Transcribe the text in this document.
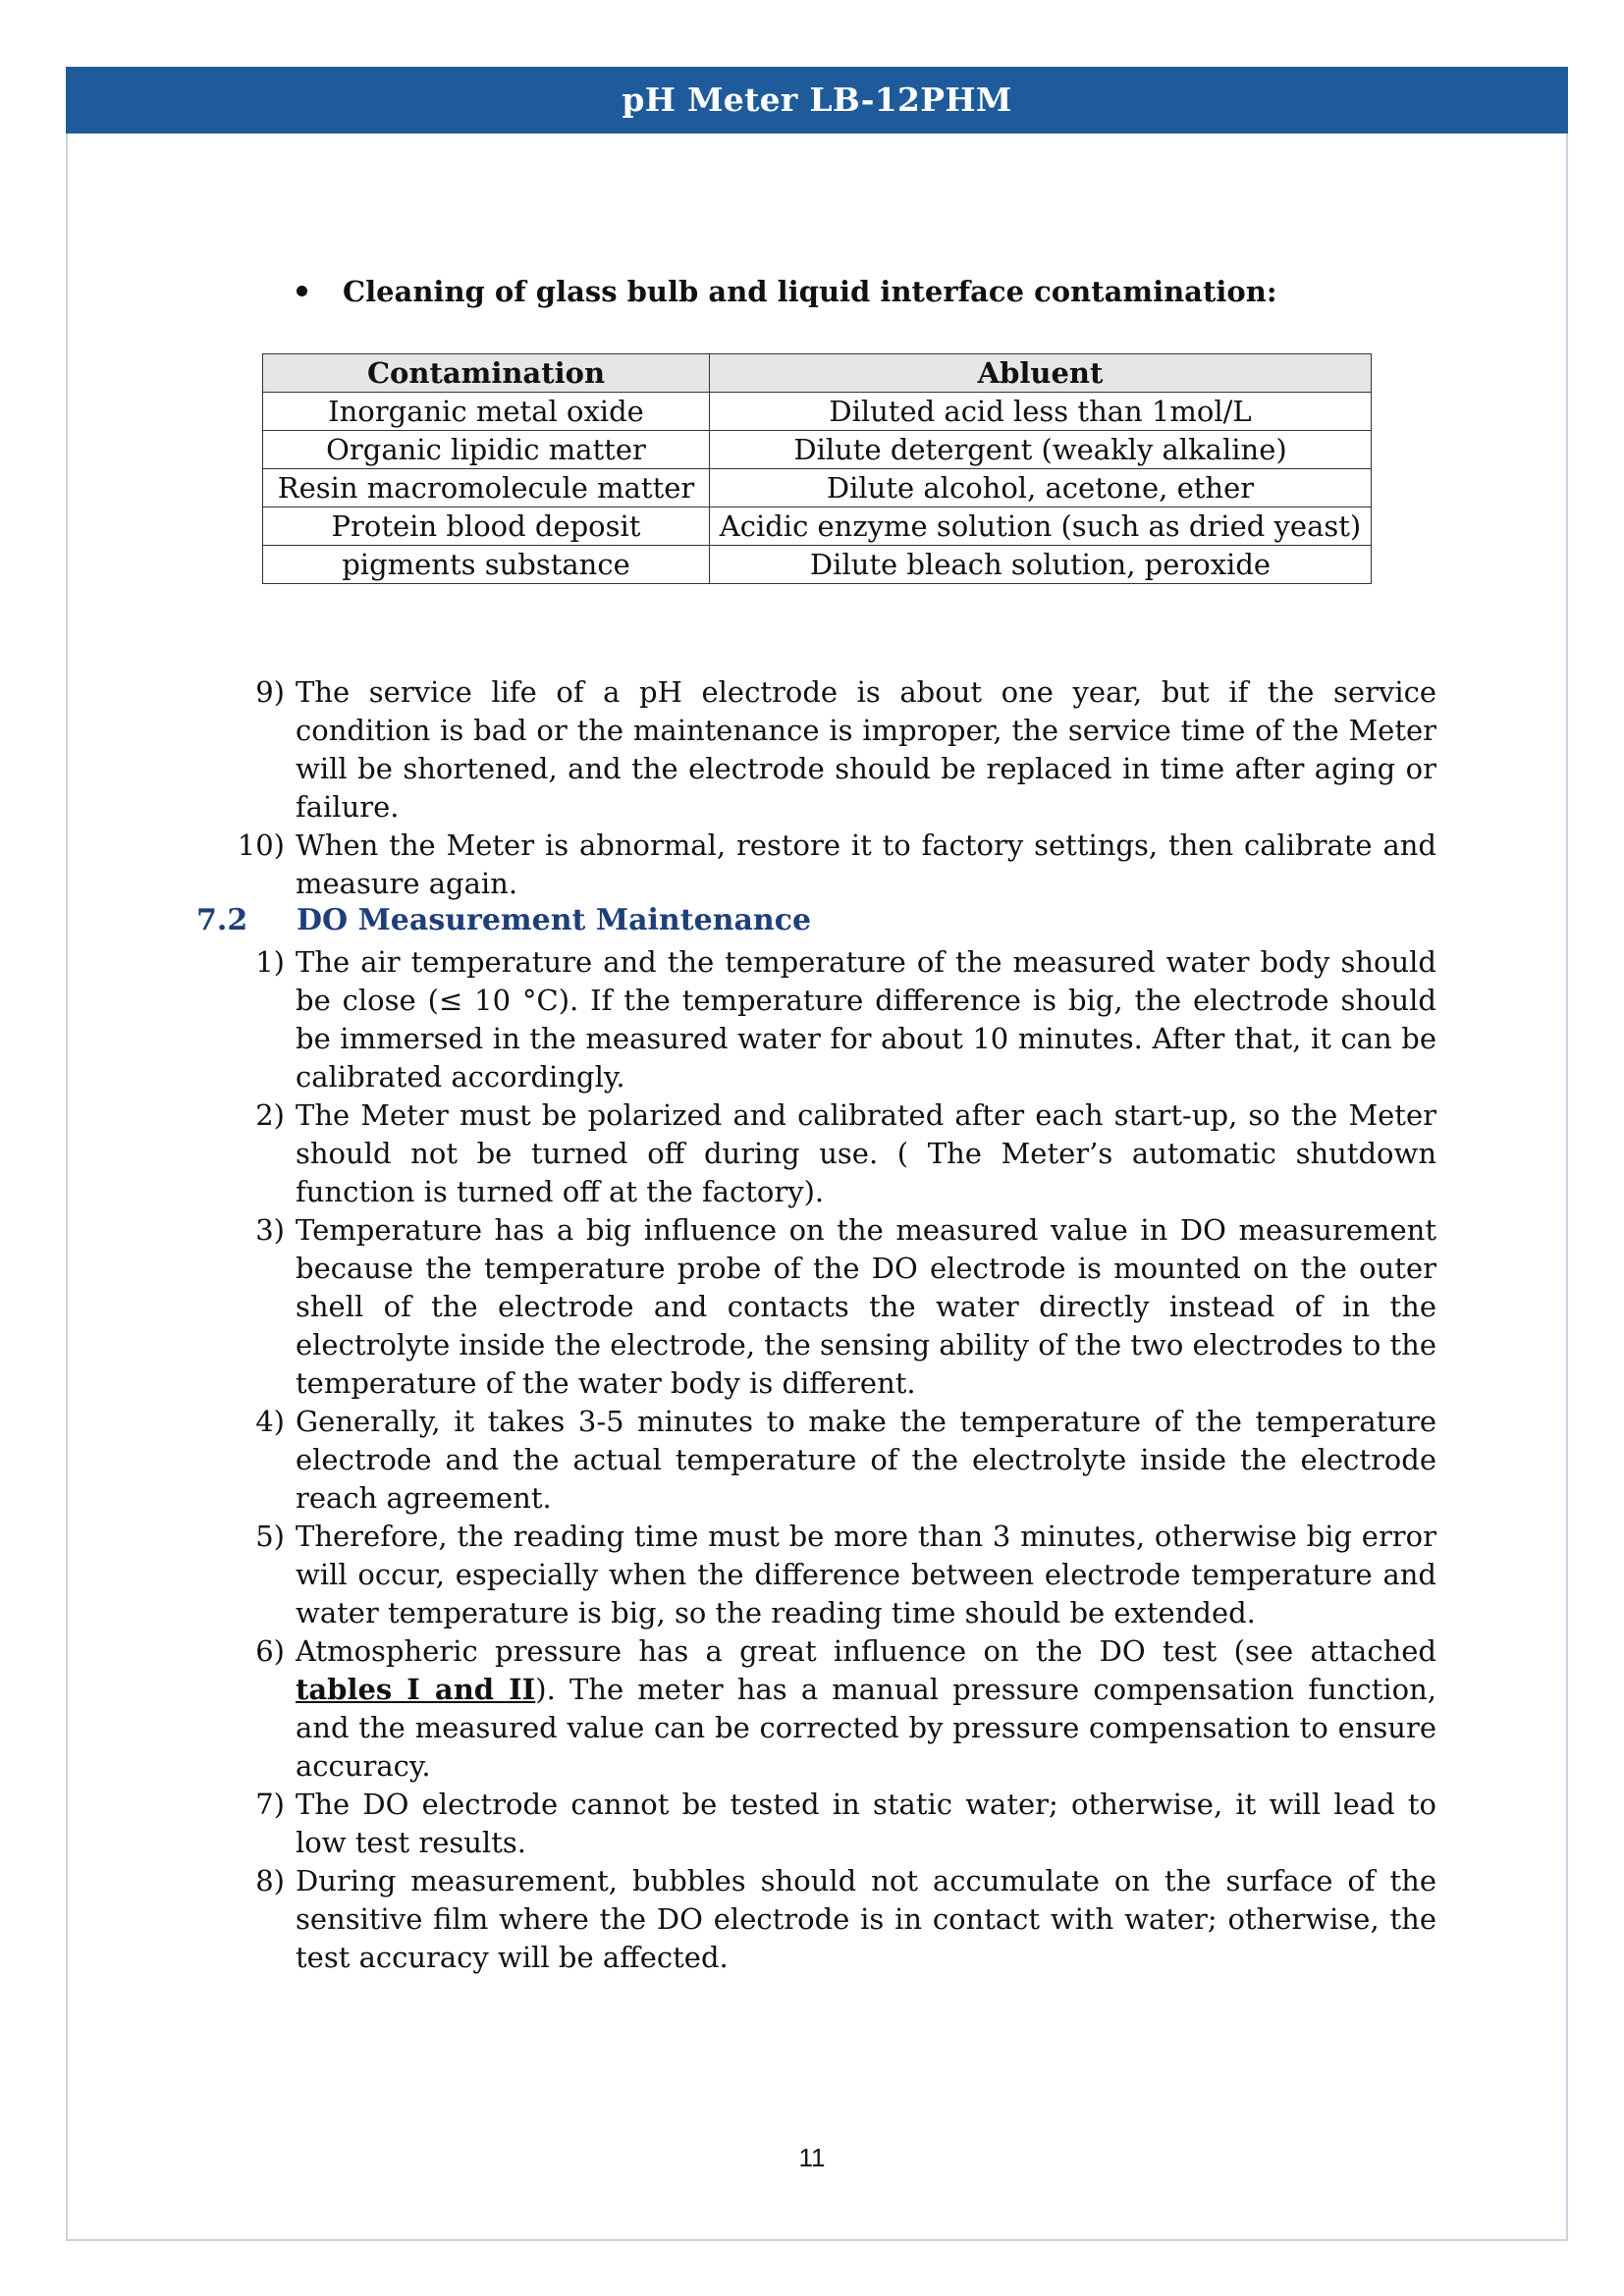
pH Meter LB-12PHM
Cleaning of glass bulb and liquid interface contamination:
Contamination	Abluent
Inorganic metal oxide	Diluted acid less than 1mol/L
Organic lipidic matter	Dilute detergent (weakly alkaline)
Resin macromolecule matter	Dilute alcohol, acetone, ether
Protein blood deposit	Acidic enzyme solution (such as dried yeast)
pigments substance	Dilute bleach solution, peroxide
9) The service life of a pH electrode is about one year, but if the service condition is bad or the maintenance is improper, the service time of the Meter will be shortened, and the electrode should be replaced in time after aging or failure.
10) When the Meter is abnormal, restore it to factory settings, then calibrate and measure again.
7.2 DO Measurement Maintenance
1) The air temperature and the temperature of the measured water body should be close (≤ 10 °C). If the temperature difference is big, the electrode should be immersed in the measured water for about 10 minutes. After that, it can be calibrated accordingly.
2) The Meter must be polarized and calibrated after each start-up, so the Meter should not be turned off during use. ( The Meter’s automatic shutdown function is turned off at the factory).
3) Temperature has a big influence on the measured value in DO measurement because the temperature probe of the DO electrode is mounted on the outer shell of the electrode and contacts the water directly instead of in the electrolyte inside the electrode, the sensing ability of the two electrodes to the temperature of the water body is different.
4) Generally, it takes 3-5 minutes to make the temperature of the temperature electrode and the actual temperature of the electrolyte inside the electrode reach agreement.
5) Therefore, the reading time must be more than 3 minutes, otherwise big error will occur, especially when the difference between electrode temperature and water temperature is big, so the reading time should be extended.
6) Atmospheric pressure has a great influence on the DO test (see attached tables I and II). The meter has a manual pressure compensation function, and the measured value can be corrected by pressure compensation to ensure accuracy.
7) The DO electrode cannot be tested in static water; otherwise, it will lead to low test results.
8) During measurement, bubbles should not accumulate on the surface of the sensitive film where the DO electrode is in contact with water; otherwise, the test accuracy will be affected.
11
